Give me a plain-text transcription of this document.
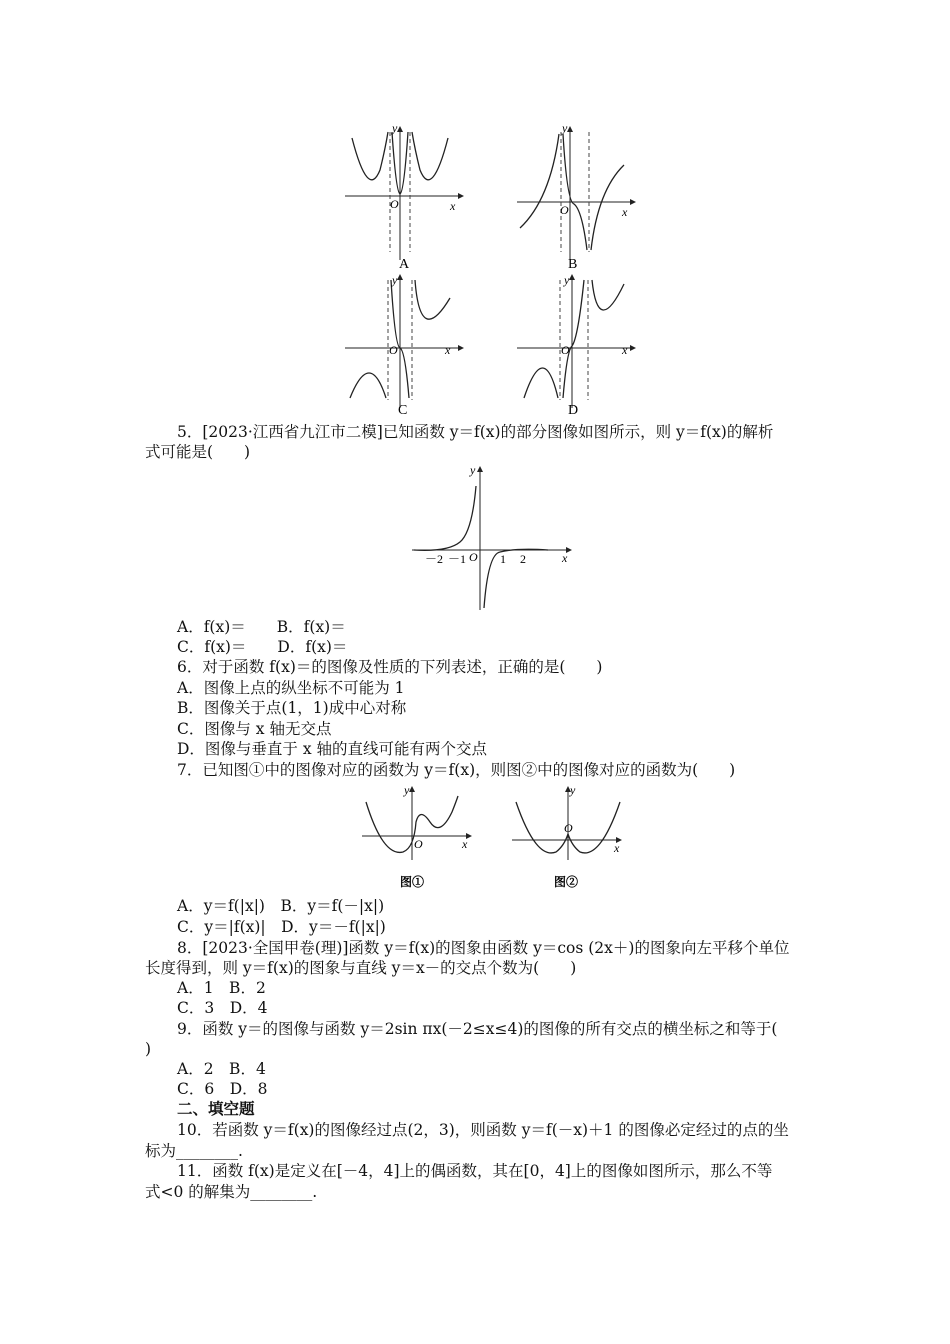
x
y
O
A
x
y
O
B
x
y
O
C
x
y
O
D
5．[2023·江西省九江市二模]已知函数 y＝f(x)的部分图像如图所示，则 y＝f(x)的解析
式可能是(　　)
－2 －1 O 1 2	x
y
A．f(x)＝　　B．f(x)＝
C．f(x)＝　　D．f(x)＝
6．对于函数 f(x)＝的图像及性质的下列表述，正确的是(　　)
A．图像上点的纵坐标不可能为 1
B．图像关于点(1，1)成中心对称
C．图像与 x 轴无交点
D．图像与垂直于 x 轴的直线可能有两个交点
7．已知图①中的图像对应的函数为 y＝f(x)，则图②中的图像对应的函数为(　　)
x
y
O
图①
x
y
O
图②
A．y＝f(|x|)　B．y＝f(－|x|)
C．y＝|f(x)|　D．y＝－f(|x|)
8．[2023·全国甲卷(理)]函数 y＝f(x)的图象由函数 y＝cos (2x＋)的图象向左平移个单位
长度得到，则 y＝f(x)的图象与直线 y＝x－的交点个数为(　　)
A．1　B．2
C．3　D．4
9．函数 y＝的图像与函数 y＝2sin πx(－2≤x≤4)的图像的所有交点的横坐标之和等于(
)
A．2　B．4
C．6　D．8
二、填空题
10．若函数 y＝f(x)的图像经过点(2，3)，则函数 y＝f(－x)＋1 的图像必定经过的点的坐
标为________.
11．函数 f(x)是定义在[－4，4]上的偶函数，其在[0，4]上的图像如图所示，那么不等
式<0 的解集为________.
